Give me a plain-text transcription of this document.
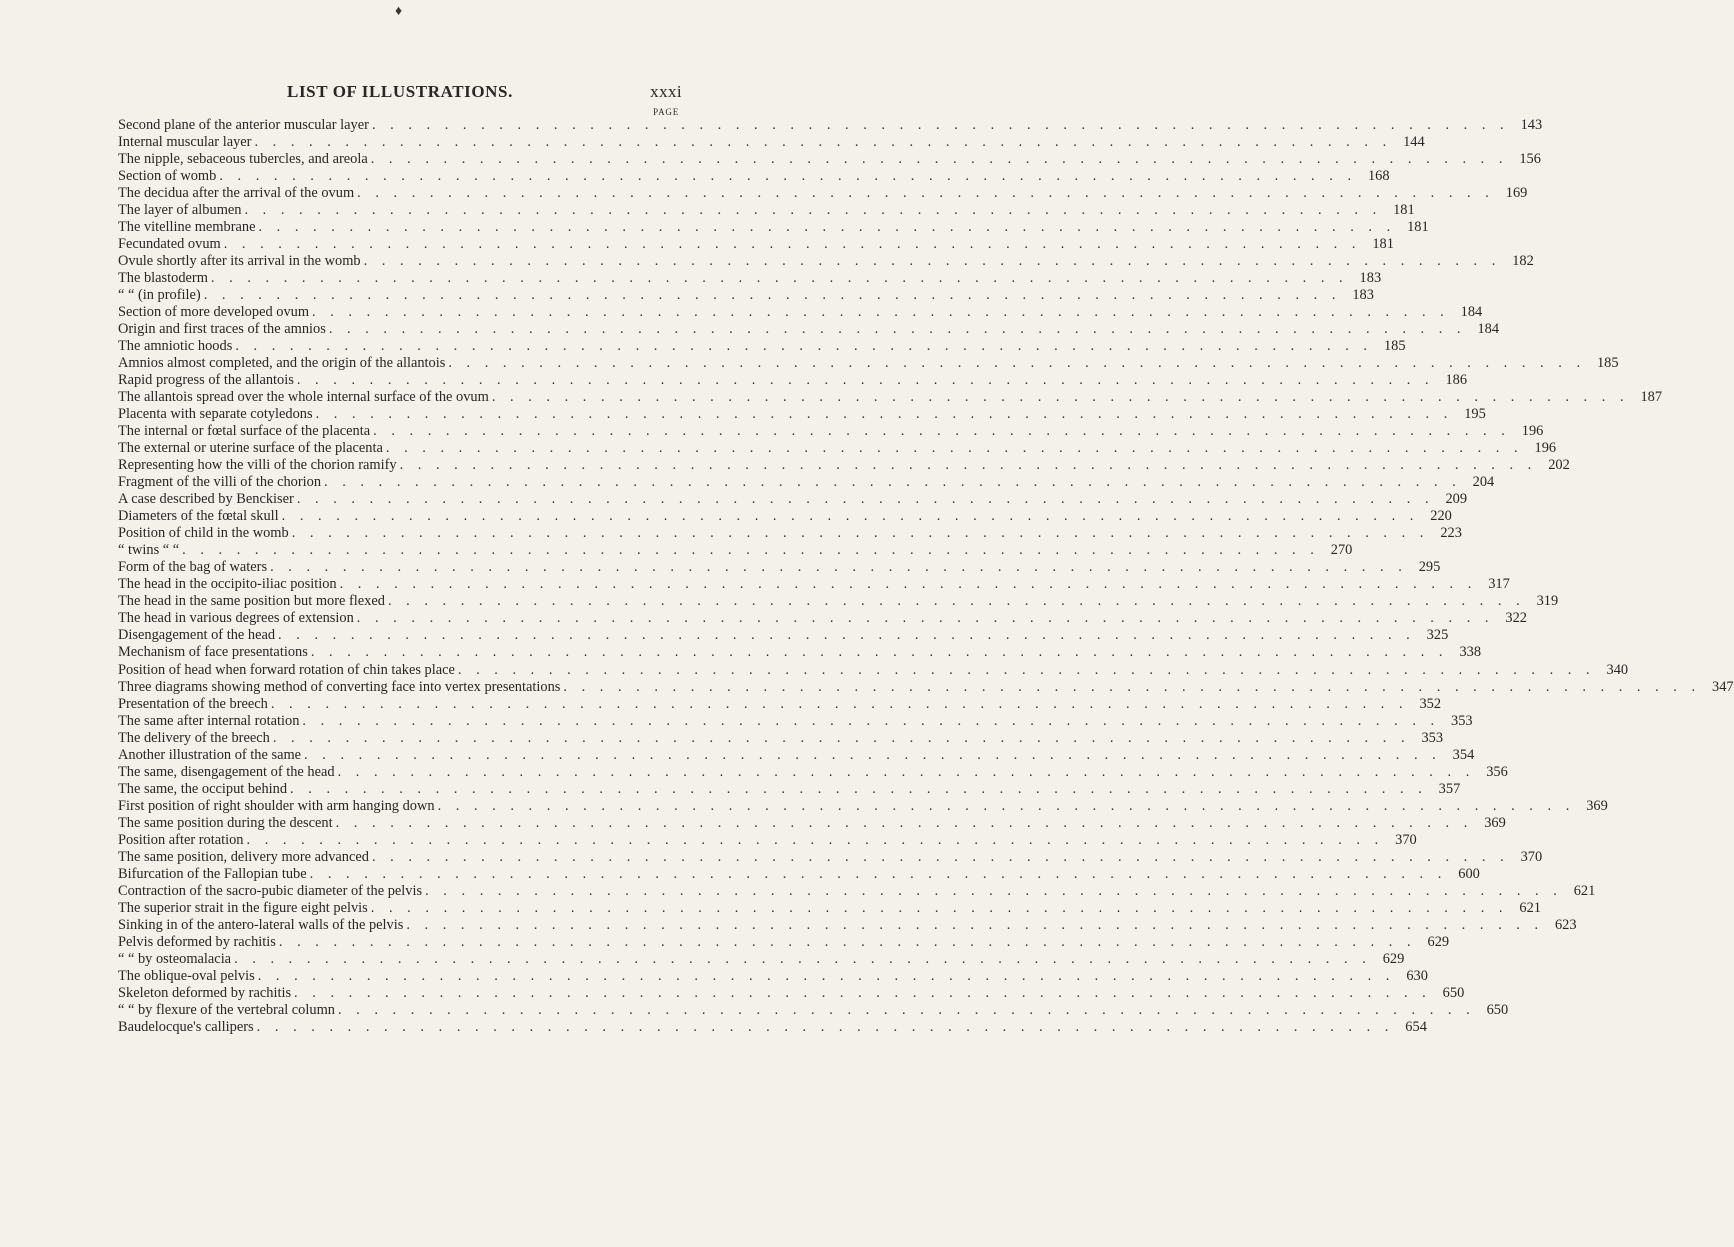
♦
LIST OF ILLUSTRATIONS.	xxxi
PAGE
Second plane of the anterior muscular layer . . . . . . . . . . . . . . . . . . . . . . . . . . . . . . . . . . . . . . . . . . . . . . . . . . . . . . . . . . . . . . . 143
Internal muscular layer . . . . . . . . . . . . . . . . . . . . . . . . . . . . . . . . . . . . . . . . . . . . . . . . . . . . . . . . . . . . . . . 144
The nipple, sebaceous tubercles, and areola . . . . . . . . . . . . . . . . . . . . . . . . . . . . . . . . . . . . . . . . . . . . . . . . . . . . . . . . . . . . . . . 156
Section of womb . . . . . . . . . . . . . . . . . . . . . . . . . . . . . . . . . . . . . . . . . . . . . . . . . . . . . . . . . . . . . . . 168
The decidua after the arrival of the ovum . . . . . . . . . . . . . . . . . . . . . . . . . . . . . . . . . . . . . . . . . . . . . . . . . . . . . . . . . . . . . . . 169
The layer of albumen . . . . . . . . . . . . . . . . . . . . . . . . . . . . . . . . . . . . . . . . . . . . . . . . . . . . . . . . . . . . . . . 181
The vitelline membrane . . . . . . . . . . . . . . . . . . . . . . . . . . . . . . . . . . . . . . . . . . . . . . . . . . . . . . . . . . . . . . . 181
Fecundated ovum . . . . . . . . . . . . . . . . . . . . . . . . . . . . . . . . . . . . . . . . . . . . . . . . . . . . . . . . . . . . . . . 181
Ovule shortly after its arrival in the womb . . . . . . . . . . . . . . . . . . . . . . . . . . . . . . . . . . . . . . . . . . . . . . . . . . . . . . . . . . . . . . . 182
The blastoderm . . . . . . . . . . . . . . . . . . . . . . . . . . . . . . . . . . . . . . . . . . . . . . . . . . . . . . . . . . . . . . . 183
“ “ (in profile) . . . . . . . . . . . . . . . . . . . . . . . . . . . . . . . . . . . . . . . . . . . . . . . . . . . . . . . . . . . . . . . 183
Section of more developed ovum . . . . . . . . . . . . . . . . . . . . . . . . . . . . . . . . . . . . . . . . . . . . . . . . . . . . . . . . . . . . . . . 184
Origin and first traces of the amnios . . . . . . . . . . . . . . . . . . . . . . . . . . . . . . . . . . . . . . . . . . . . . . . . . . . . . . . . . . . . . . . 184
The amniotic hoods . . . . . . . . . . . . . . . . . . . . . . . . . . . . . . . . . . . . . . . . . . . . . . . . . . . . . . . . . . . . . . . 185
Amnios almost completed, and the origin of the allantois . . . . . . . . . . . . . . . . . . . . . . . . . . . . . . . . . . . . . . . . . . . . . . . . . . . . . . . . . . . . . . . 185
Rapid progress of the allantois . . . . . . . . . . . . . . . . . . . . . . . . . . . . . . . . . . . . . . . . . . . . . . . . . . . . . . . . . . . . . . . 186
The allantois spread over the whole internal surface of the ovum . . . . . . . . . . . . . . . . . . . . . . . . . . . . . . . . . . . . . . . . . . . . . . . . . . . . . . . . . . . . . . . 187
Placenta with separate cotyledons . . . . . . . . . . . . . . . . . . . . . . . . . . . . . . . . . . . . . . . . . . . . . . . . . . . . . . . . . . . . . . . 195
The internal or fœtal surface of the placenta . . . . . . . . . . . . . . . . . . . . . . . . . . . . . . . . . . . . . . . . . . . . . . . . . . . . . . . . . . . . . . . 196
The external or uterine surface of the placenta . . . . . . . . . . . . . . . . . . . . . . . . . . . . . . . . . . . . . . . . . . . . . . . . . . . . . . . . . . . . . . . 196
Representing how the villi of the chorion ramify . . . . . . . . . . . . . . . . . . . . . . . . . . . . . . . . . . . . . . . . . . . . . . . . . . . . . . . . . . . . . . . 202
Fragment of the villi of the chorion . . . . . . . . . . . . . . . . . . . . . . . . . . . . . . . . . . . . . . . . . . . . . . . . . . . . . . . . . . . . . . . 204
A case described by Benckiser . . . . . . . . . . . . . . . . . . . . . . . . . . . . . . . . . . . . . . . . . . . . . . . . . . . . . . . . . . . . . . . 209
Diameters of the fœtal skull . . . . . . . . . . . . . . . . . . . . . . . . . . . . . . . . . . . . . . . . . . . . . . . . . . . . . . . . . . . . . . . 220
Position of child in the womb . . . . . . . . . . . . . . . . . . . . . . . . . . . . . . . . . . . . . . . . . . . . . . . . . . . . . . . . . . . . . . . 223
“ twins “ “ . . . . . . . . . . . . . . . . . . . . . . . . . . . . . . . . . . . . . . . . . . . . . . . . . . . . . . . . . . . . . . . 270
Form of the bag of waters . . . . . . . . . . . . . . . . . . . . . . . . . . . . . . . . . . . . . . . . . . . . . . . . . . . . . . . . . . . . . . . 295
The head in the occipito-iliac position . . . . . . . . . . . . . . . . . . . . . . . . . . . . . . . . . . . . . . . . . . . . . . . . . . . . . . . . . . . . . . . 317
The head in the same position but more flexed . . . . . . . . . . . . . . . . . . . . . . . . . . . . . . . . . . . . . . . . . . . . . . . . . . . . . . . . . . . . . . . 319
The head in various degrees of extension . . . . . . . . . . . . . . . . . . . . . . . . . . . . . . . . . . . . . . . . . . . . . . . . . . . . . . . . . . . . . . . 322
Disengagement of the head . . . . . . . . . . . . . . . . . . . . . . . . . . . . . . . . . . . . . . . . . . . . . . . . . . . . . . . . . . . . . . . 325
Mechanism of face presentations . . . . . . . . . . . . . . . . . . . . . . . . . . . . . . . . . . . . . . . . . . . . . . . . . . . . . . . . . . . . . . . 338
Position of head when forward rotation of chin takes place . . . . . . . . . . . . . . . . . . . . . . . . . . . . . . . . . . . . . . . . . . . . . . . . . . . . . . . . . . . . . . . 340
Three diagrams showing method of converting face into vertex presentations . . . . . . . . . . . . . . . . . . . . . . . . . . . . . . . . . . . . . . . . . . . . . . . . . . . . . . . . . . . . . . . 347
Presentation of the breech . . . . . . . . . . . . . . . . . . . . . . . . . . . . . . . . . . . . . . . . . . . . . . . . . . . . . . . . . . . . . . . 352
The same after internal rotation . . . . . . . . . . . . . . . . . . . . . . . . . . . . . . . . . . . . . . . . . . . . . . . . . . . . . . . . . . . . . . . 353
The delivery of the breech . . . . . . . . . . . . . . . . . . . . . . . . . . . . . . . . . . . . . . . . . . . . . . . . . . . . . . . . . . . . . . . 353
Another illustration of the same . . . . . . . . . . . . . . . . . . . . . . . . . . . . . . . . . . . . . . . . . . . . . . . . . . . . . . . . . . . . . . . 354
The same, disengagement of the head . . . . . . . . . . . . . . . . . . . . . . . . . . . . . . . . . . . . . . . . . . . . . . . . . . . . . . . . . . . . . . . 356
The same, the occiput behind . . . . . . . . . . . . . . . . . . . . . . . . . . . . . . . . . . . . . . . . . . . . . . . . . . . . . . . . . . . . . . . 357
First position of right shoulder with arm hanging down . . . . . . . . . . . . . . . . . . . . . . . . . . . . . . . . . . . . . . . . . . . . . . . . . . . . . . . . . . . . . . . 369
The same position during the descent . . . . . . . . . . . . . . . . . . . . . . . . . . . . . . . . . . . . . . . . . . . . . . . . . . . . . . . . . . . . . . . 369
Position after rotation . . . . . . . . . . . . . . . . . . . . . . . . . . . . . . . . . . . . . . . . . . . . . . . . . . . . . . . . . . . . . . . 370
The same position, delivery more advanced . . . . . . . . . . . . . . . . . . . . . . . . . . . . . . . . . . . . . . . . . . . . . . . . . . . . . . . . . . . . . . . 370
Bifurcation of the Fallopian tube . . . . . . . . . . . . . . . . . . . . . . . . . . . . . . . . . . . . . . . . . . . . . . . . . . . . . . . . . . . . . . . 600
Contraction of the sacro-pubic diameter of the pelvis . . . . . . . . . . . . . . . . . . . . . . . . . . . . . . . . . . . . . . . . . . . . . . . . . . . . . . . . . . . . . . . 621
The superior strait in the figure eight pelvis . . . . . . . . . . . . . . . . . . . . . . . . . . . . . . . . . . . . . . . . . . . . . . . . . . . . . . . . . . . . . . . 621
Sinking in of the antero-lateral walls of the pelvis . . . . . . . . . . . . . . . . . . . . . . . . . . . . . . . . . . . . . . . . . . . . . . . . . . . . . . . . . . . . . . . 623
Pelvis deformed by rachitis . . . . . . . . . . . . . . . . . . . . . . . . . . . . . . . . . . . . . . . . . . . . . . . . . . . . . . . . . . . . . . . 629
“ “ by osteomalacia . . . . . . . . . . . . . . . . . . . . . . . . . . . . . . . . . . . . . . . . . . . . . . . . . . . . . . . . . . . . . . . 629
The oblique-oval pelvis . . . . . . . . . . . . . . . . . . . . . . . . . . . . . . . . . . . . . . . . . . . . . . . . . . . . . . . . . . . . . . . 630
Skeleton deformed by rachitis . . . . . . . . . . . . . . . . . . . . . . . . . . . . . . . . . . . . . . . . . . . . . . . . . . . . . . . . . . . . . . . 650
“ “ by flexure of the vertebral column . . . . . . . . . . . . . . . . . . . . . . . . . . . . . . . . . . . . . . . . . . . . . . . . . . . . . . . . . . . . . . . 650
Baudelocque's callipers . . . . . . . . . . . . . . . . . . . . . . . . . . . . . . . . . . . . . . . . . . . . . . . . . . . . . . . . . . . . . . . 654
